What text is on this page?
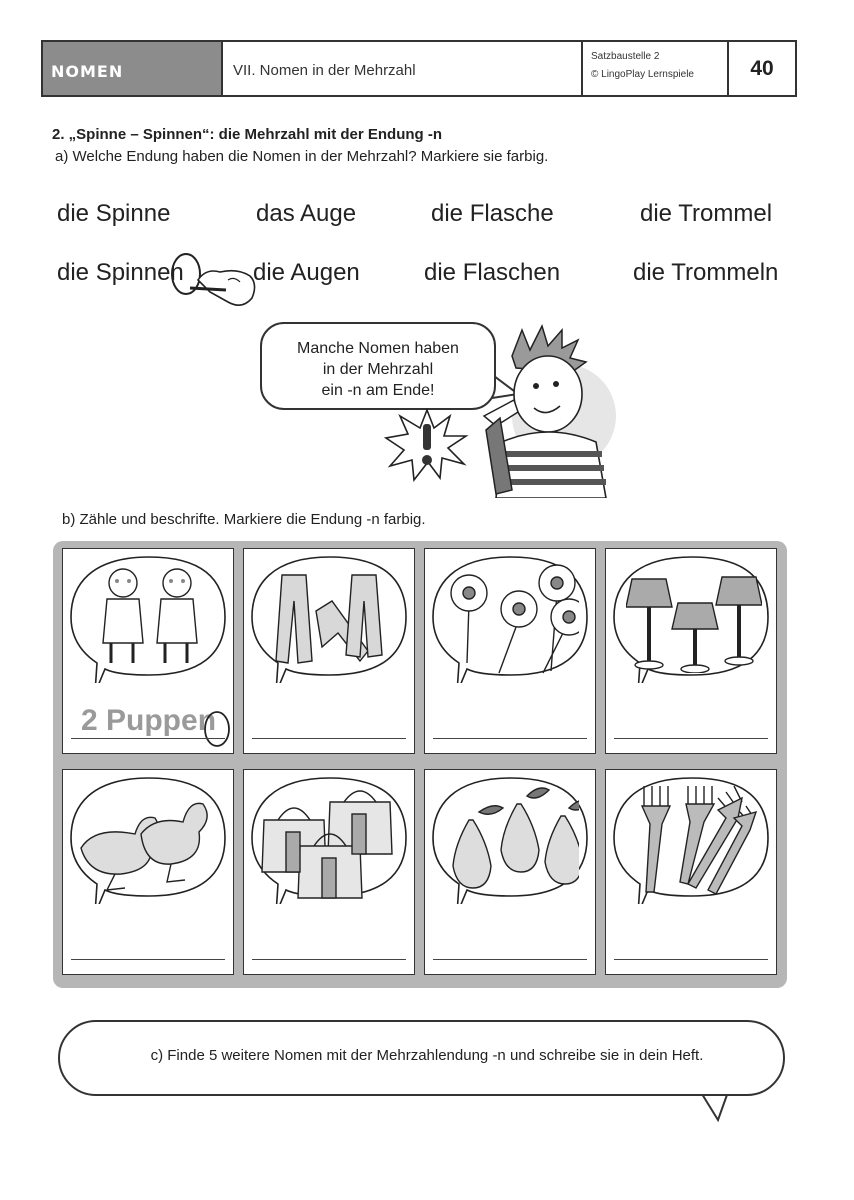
NOMEN	VII. Nomen in der Mehrzahl
Satzbaustelle 2
© LingoPlay Lernspiele	40
2. „Spinne – Spinnen“: die Mehrzahl mit der Endung -n
a) Welche Endung haben die Nomen in der Mehrzahl? Markiere sie farbig.
die Spinne	das Auge	die Flasche	die Trommel
die Spinnen	die Augen	die Flaschen	die Trommeln
Manche Nomen haben
in der Mehrzahl
ein -n am Ende!
b) Zähle und beschrifte. Markiere die Endung -n farbig.
2 Puppen
c) Finde 5 weitere Nomen mit der Mehrzahlendung -n und schreibe sie in dein Heft.
